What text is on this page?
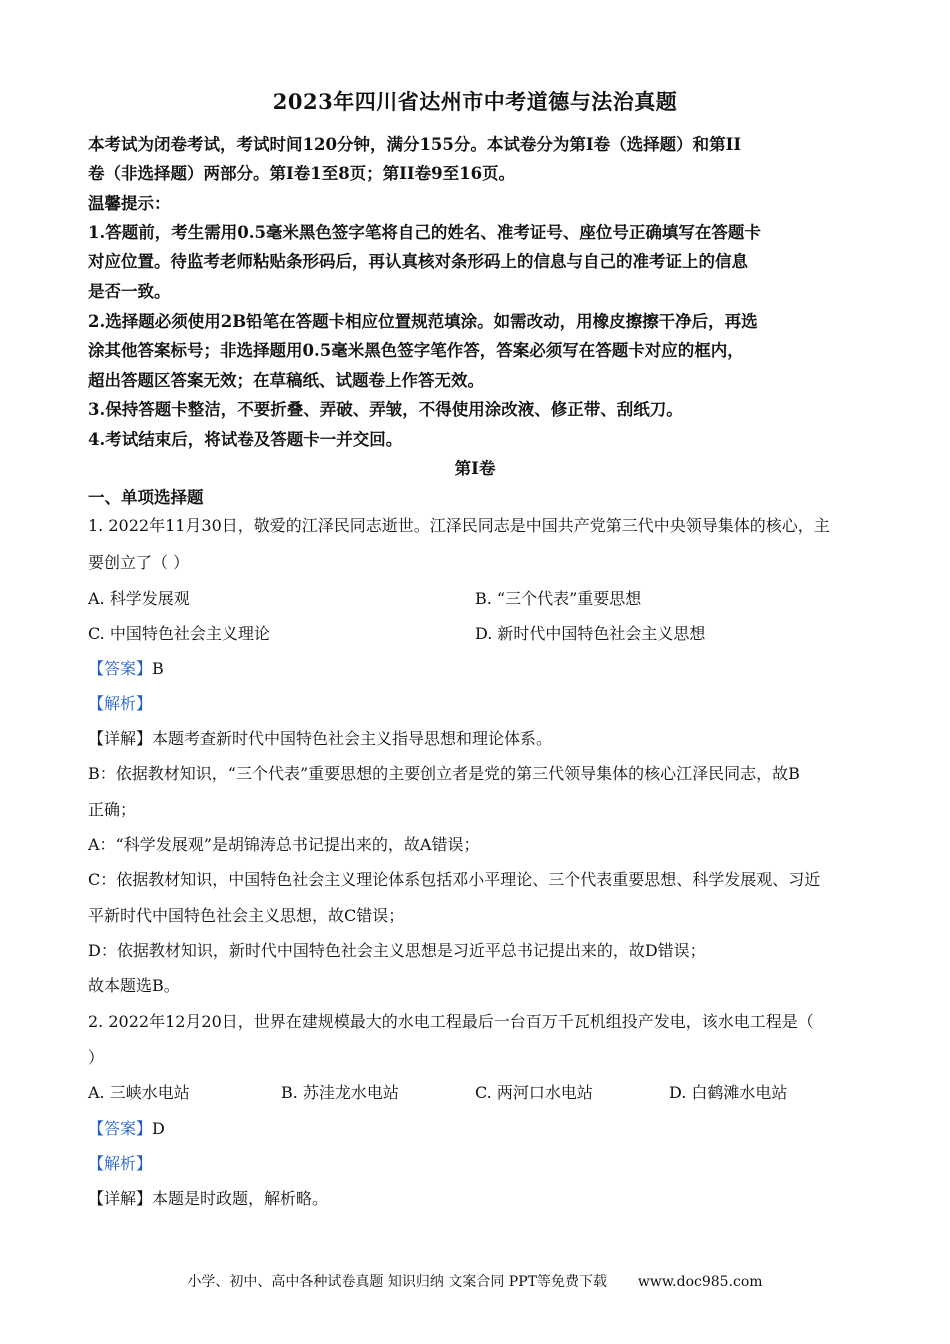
2023年四川省达州市中考道德与法治真题
本考试为闭卷考试，考试时间120分钟，满分155分。本试卷分为第I卷（选择题）和第II
卷（非选择题）两部分。第I卷1至8页；第II卷9至16页。
温馨提示：
1.答题前，考生需用0.5毫米黑色签字笔将自己的姓名、准考证号、座位号正确填写在答题卡
对应位置。待监考老师粘贴条形码后，再认真核对条形码上的信息与自己的准考证上的信息
是否一致。
2.选择题必须使用2B铅笔在答题卡相应位置规范填涂。如需改动，用橡皮擦擦干净后，再选
涂其他答案标号；非选择题用0.5毫米黑色签字笔作答，答案必须写在答题卡对应的框内，
超出答题区答案无效；在草稿纸、试题卷上作答无效。
3.保持答题卡整洁，不要折叠、弄破、弄皱，不得使用涂改液、修正带、刮纸刀。
4.考试结束后，将试卷及答题卡一并交回。
第I卷
一、单项选择题
1. 2022年11月30日，敬爱的江泽民同志逝世。江泽民同志是中国共产党第三代中央领导集体的核心，主
要创立了（ ）
A. 科学发展观	B. “三个代表”重要思想
C. 中国特色社会主义理论	D. 新时代中国特色社会主义思想
【答案】B
【解析】
【详解】本题考查新时代中国特色社会主义指导思想和理论体系。
B：依据教材知识，“三个代表”重要思想的主要创立者是党的第三代领导集体的核心江泽民同志，故B
正确；
A：“科学发展观”是胡锦涛总书记提出来的，故A错误；
C：依据教材知识，中国特色社会主义理论体系包括邓小平理论、三个代表重要思想、科学发展观、习近
平新时代中国特色社会主义思想，故C错误；
D：依据教材知识，新时代中国特色社会主义思想是习近平总书记提出来的，故D错误；
故本题选B。
2. 2022年12月20日，世界在建规模最大的水电工程最后一台百万千瓦机组投产发电，该水电工程是（
）
A. 三峡水电站	B. 苏洼龙水电站	C. 两河口水电站	D. 白鹤滩水电站
【答案】D
【解析】
【详解】本题是时政题，解析略。
小学、初中、高中各种试卷真题 知识归纳 文案合同 PPT等免费下载 www.doc985.com
